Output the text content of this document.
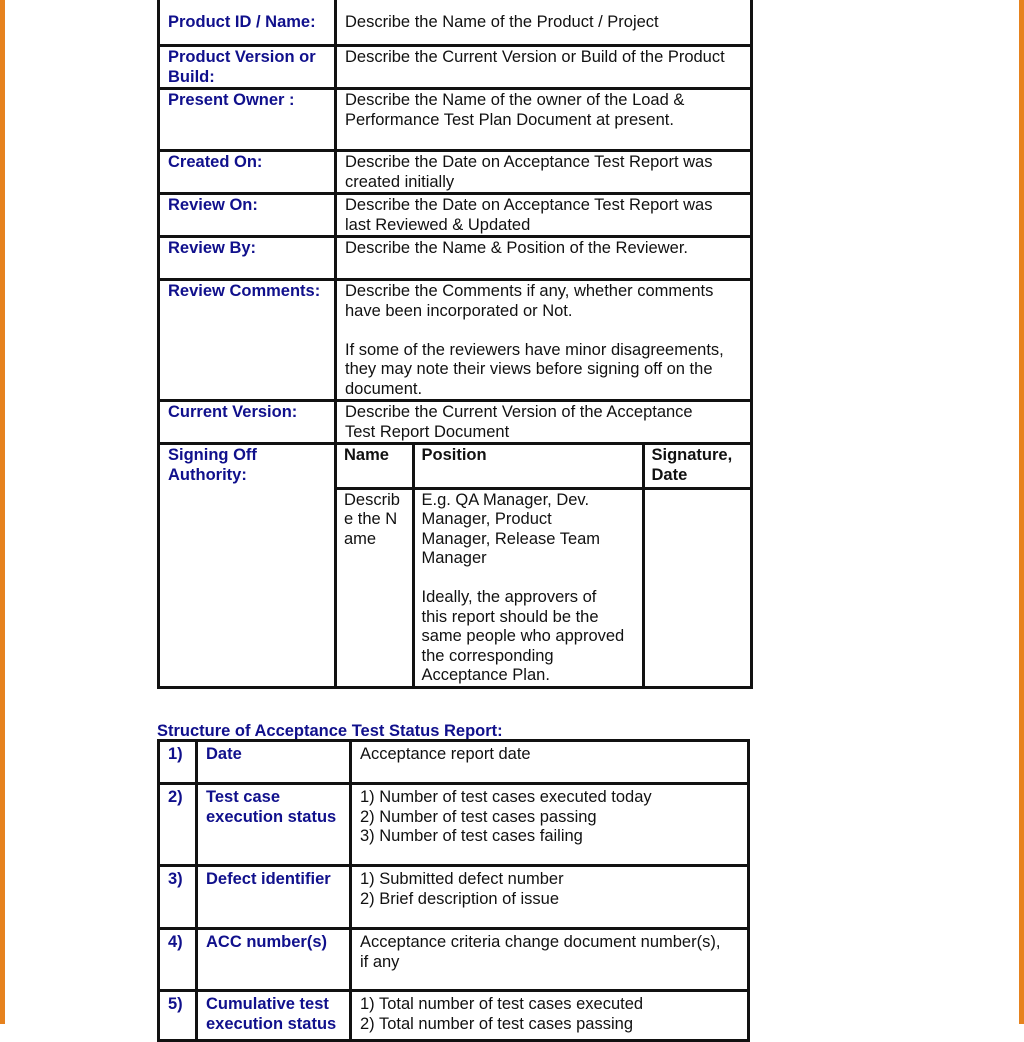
Product ID / Name:	Describe the Name of the Product / Project
Product Version or Build:	Describe the Current Version or Build of the Product
Present Owner :	Describe the Name of the owner of the Load &
Performance Test Plan Document at present.
Created On:	Describe the Date on Acceptance Test Report was
created initially
Review On:	Describe the Date on Acceptance Test Report was
last Reviewed & Updated
Review By:	Describe the Name & Position of the Reviewer.
Review Comments:	Describe the Comments if any, whether comments
have been incorporated or Not.

If some of the reviewers have minor disagreements,
they may note their views before signing off on the
document.
Current Version:	Describe the Current Version of the Acceptance
Test Report Document
Signing Off Authority:	
Name	Position	Signature, Date
Describe the Name	E.g. QA Manager, Dev.
Manager, Product
Manager, Release Team
Manager

Ideally, the approvers of
this report should be the
same people who approved
the corresponding
Acceptance Plan.	
Structure of Acceptance Test Status Report:
1)	Date	Acceptance report date
2)	Test case execution status	1) Number of test cases executed today
2) Number of test cases passing
3) Number of test cases failing
3)	Defect identifier	1) Submitted defect number
2) Brief description of issue
4)	ACC number(s)	Acceptance criteria change document number(s),
if any
5)	Cumulative test execution status	1) Total number of test cases executed
2) Total number of test cases passing
